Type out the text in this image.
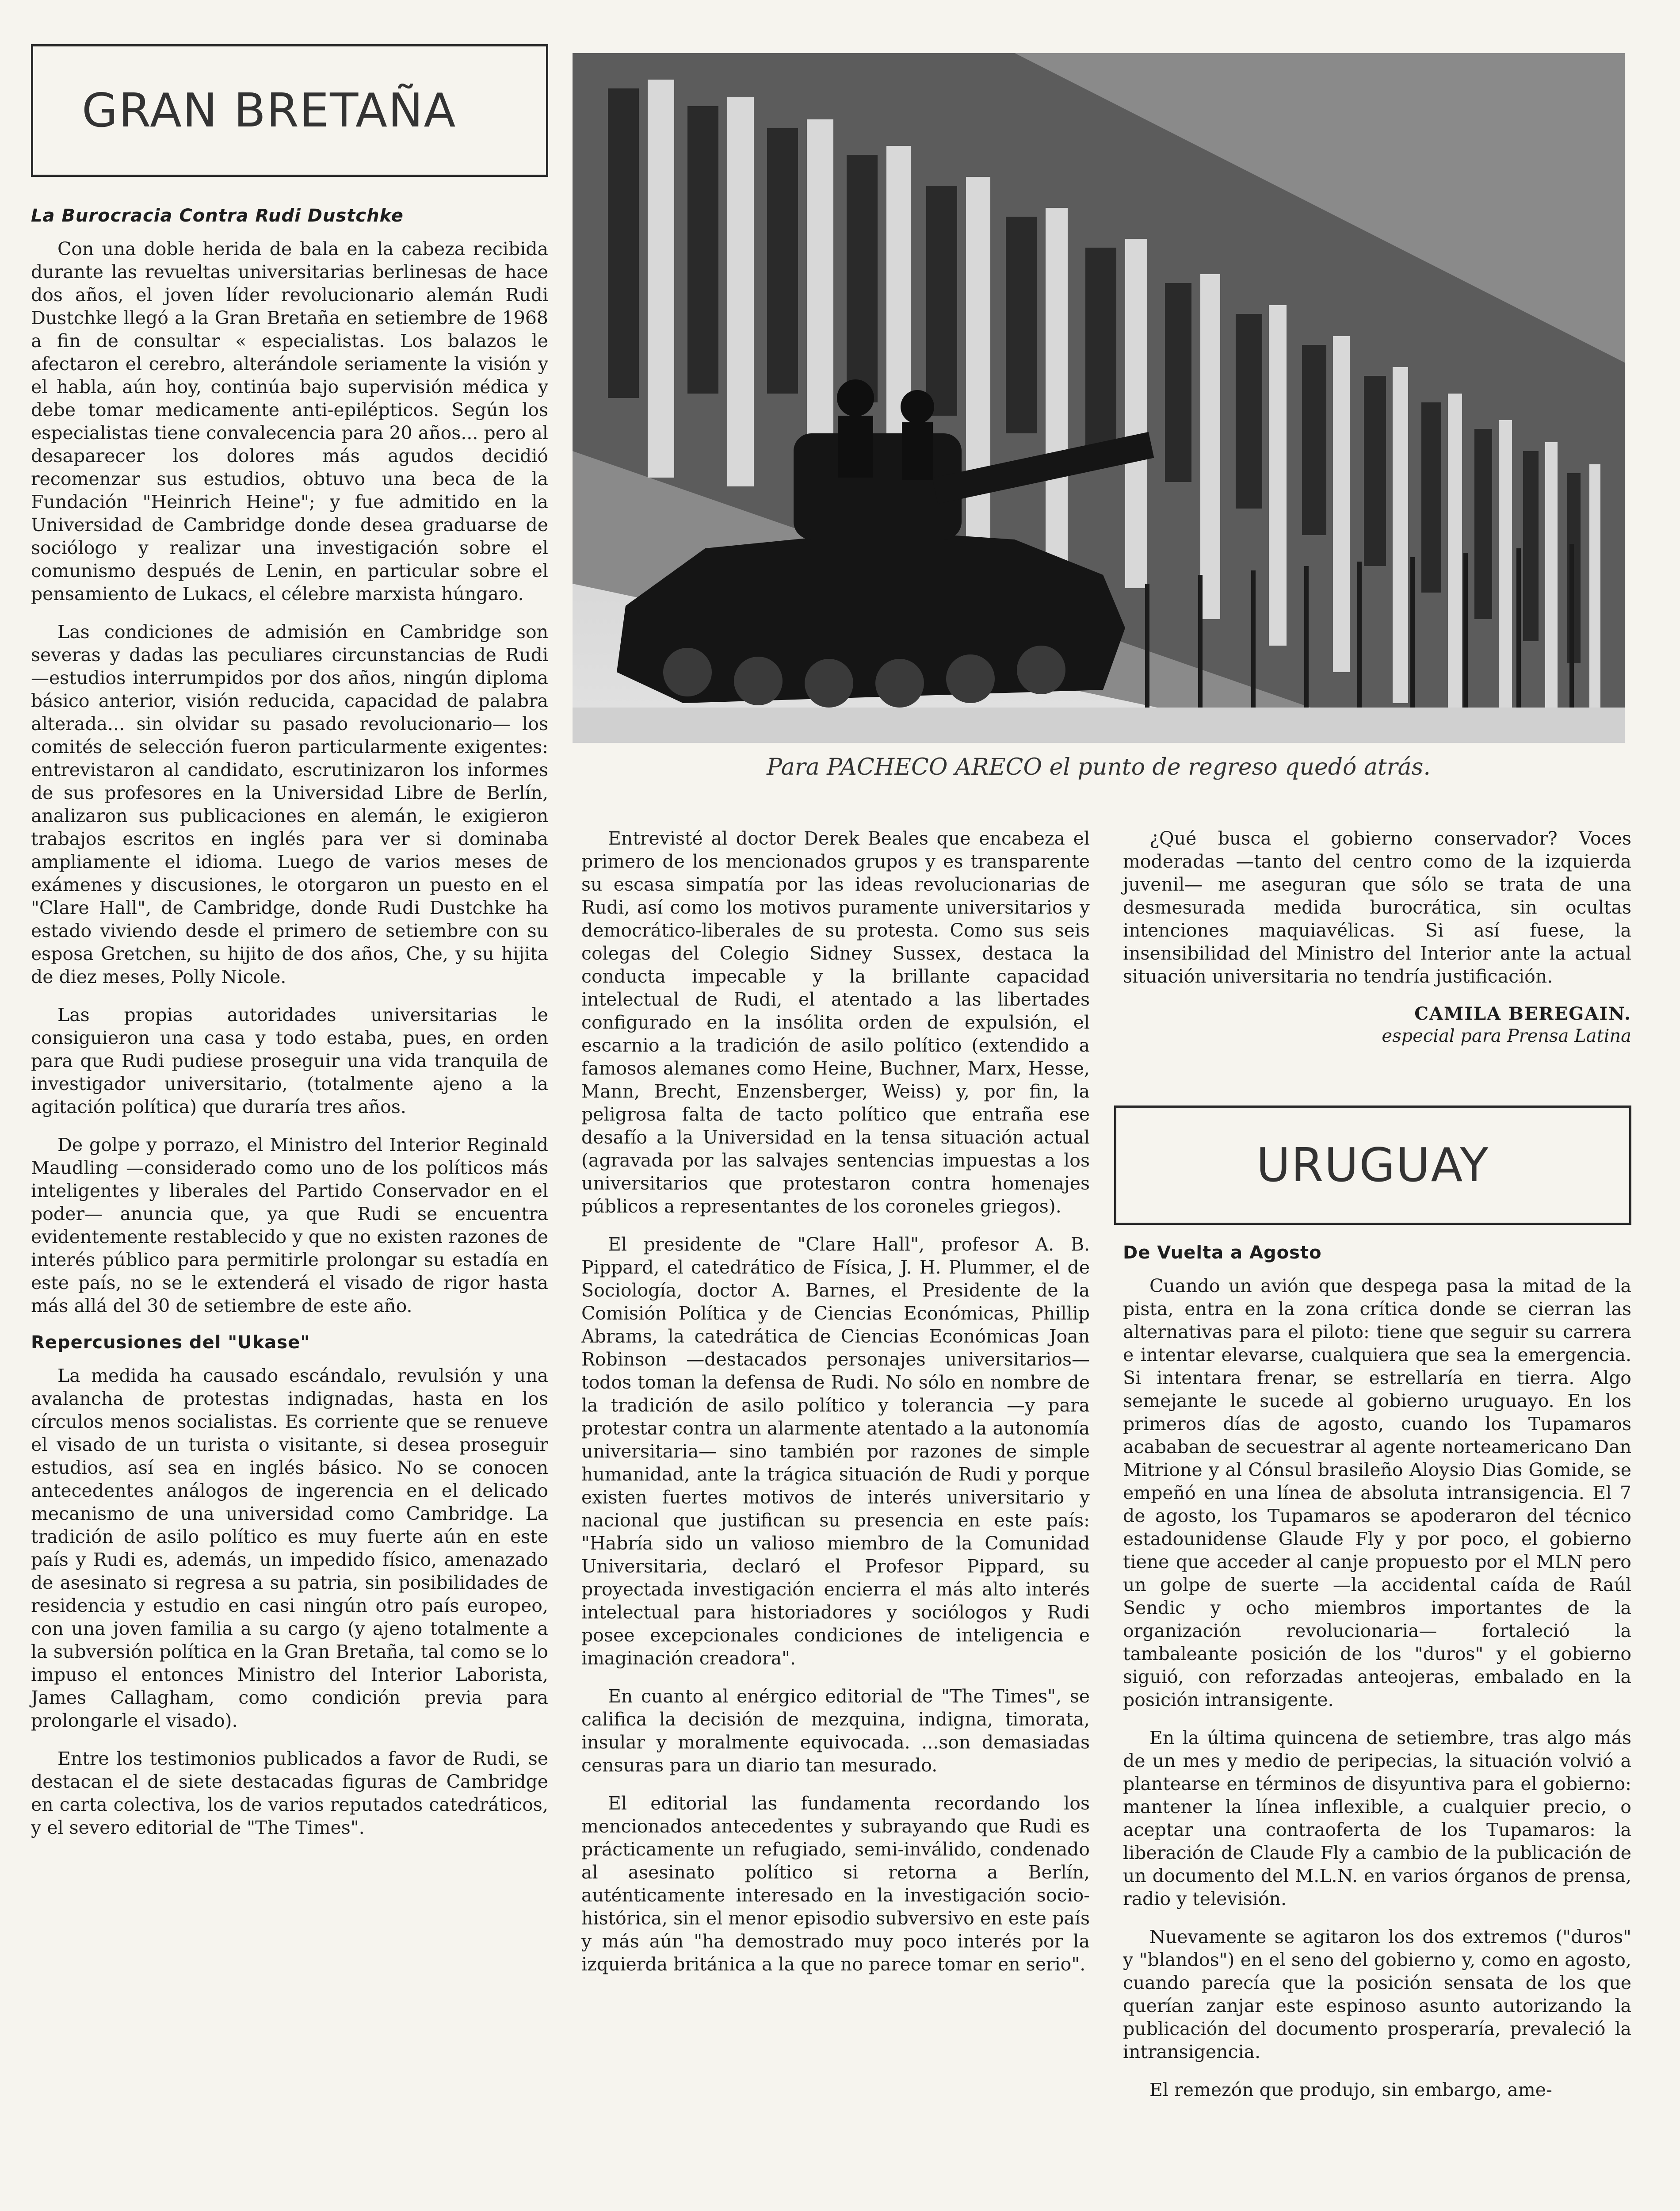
GRAN BRETAÑA
La Burocracia Contra Rudi Dustchke

Con una doble herida de bala en la cabeza recibida durante las revueltas universitarias berlinesas de hace dos años, el joven líder revolucionario alemán Rudi Dustchke llegó a la Gran Bretaña en setiembre de 1968 a fin de consultar « especialistas. Los balazos le afectaron el cerebro, alterándole seriamente la visión y el habla, aún hoy, continúa bajo supervisión médica y debe tomar medicamente anti-epilépticos. Según los especialistas tiene convalecencia para 20 años... pero al desaparecer los dolores más agudos decidió recomenzar sus estudios, obtuvo una beca de la Fundación "Heinrich Heine"; y fue admitido en la Universidad de Cambridge donde desea graduarse de sociólogo y realizar una investigación sobre el comunismo después de Lenin, en particular sobre el pensamiento de Lukacs, el célebre marxista húngaro.

Las condiciones de admisión en Cambridge son severas y dadas las peculiares circunstancias de Rudi —estudios interrumpidos por dos años, ningún diploma básico anterior, visión reducida, capacidad de palabra alterada... sin olvidar su pasado revolucionario— los comités de selección fueron particularmente exigentes: entrevistaron al candidato, escrutinizaron los informes de sus profesores en la Universidad Libre de Berlín, analizaron sus publicaciones en alemán, le exigieron trabajos escritos en inglés para ver si dominaba ampliamente el idioma. Luego de varios meses de exámenes y discusiones, le otorgaron un puesto en el "Clare Hall", de Cambridge, donde Rudi Dustchke ha estado viviendo desde el primero de setiembre con su esposa Gretchen, su hijito de dos años, Che, y su hijita de diez meses, Polly Nicole.

Las propias autoridades universitarias le consiguieron una casa y todo estaba, pues, en orden para que Rudi pudiese proseguir una vida tranquila de investigador universitario, (totalmente ajeno a la agitación política) que duraría tres años.

De golpe y porrazo, el Ministro del Interior Reginald Maudling —considerado como uno de los políticos más inteligentes y liberales del Partido Conservador en el poder— anuncia que, ya que Rudi se encuentra evidentemente restablecido y que no existen razones de interés público para permitirle prolongar su estadía en este país, no se le extenderá el visado de rigor hasta más allá del 30 de setiembre de este año.

Repercusiones del "Ukase"

La medida ha causado escándalo, revulsión y una avalancha de protestas indignadas, hasta en los círculos menos socialistas. Es corriente que se renueve el visado de un turista o visitante, si desea proseguir estudios, así sea en inglés básico. No se conocen antecedentes análogos de ingerencia en el delicado mecanismo de una universidad como Cambridge. La tradición de asilo político es muy fuerte aún en este país y Rudi es, además, un impedido físico, amenazado de asesinato si regresa a su patria, sin posibilidades de residencia y estudio en casi ningún otro país europeo, con una joven familia a su cargo (y ajeno totalmente a la subversión política en la Gran Bretaña, tal como se lo impuso el entonces Ministro del Interior Laborista, James Callagham, como condición previa para prolongarle el visado).

Entre los testimonios publicados a favor de Rudi, se destacan el de siete destacadas figuras de Cambridge en carta colectiva, los de varios reputados catedráticos, y el severo editorial de "The Times".

Para PACHECO ARECO el punto de regreso quedó atrás.

Entrevisté al doctor Derek Beales que encabeza el primero de los mencionados grupos y es transparente su escasa simpatía por las ideas revolucionarias de Rudi, así como los motivos puramente universitarios y democrático-liberales de su protesta. Como sus seis colegas del Colegio Sidney Sussex, destaca la conducta impecable y la brillante capacidad intelectual de Rudi, el atentado a las libertades configurado en la insólita orden de expulsión, el escarnio a la tradición de asilo político (extendido a famosos alemanes como Heine, Buchner, Marx, Hesse, Mann, Brecht, Enzensberger, Weiss) y, por fin, la peligrosa falta de tacto político que entraña ese desafío a la Universidad en la tensa situación actual (agravada por las salvajes sentencias impuestas a los universitarios que protestaron contra homenajes públicos a representantes de los coroneles griegos).

El presidente de "Clare Hall", profesor A. B. Pippard, el catedrático de Física, J. H. Plummer, el de Sociología, doctor A. Barnes, el Presidente de la Comisión Política y de Ciencias Económicas, Phillip Abrams, la catedrática de Ciencias Económicas Joan Robinson —destacados personajes universitarios— todos toman la defensa de Rudi. No sólo en nombre de la tradición de asilo político y tolerancia —y para protestar contra un alarmente atentado a la autonomía universitaria— sino también por razones de simple humanidad, ante la trágica situación de Rudi y porque existen fuertes motivos de interés universitario y nacional que justifican su presencia en este país: "Habría sido un valioso miembro de la Comunidad Universitaria, declaró el Profesor Pippard, su proyectada investigación encierra el más alto interés intelectual para historiadores y sociólogos y Rudi posee excepcionales condiciones de inteligencia e imaginación creadora".

En cuanto al enérgico editorial de "The Times", se califica la decisión de mezquina, indigna, timorata, insular y moralmente equivocada. ...son demasiadas censuras para un diario tan mesurado.

El editorial las fundamenta recordando los mencionados antecedentes y subrayando que Rudi es prácticamente un refugiado, semi-inválido, condenado al asesinato político si retorna a Berlín, auténticamente interesado en la investigación socio-histórica, sin el menor episodio subversivo en este país y más aún "ha demostrado muy poco interés por la izquierda británica a la que no parece tomar en serio".

¿Qué busca el gobierno conservador? Voces moderadas —tanto del centro como de la izquierda juvenil— me aseguran que sólo se trata de una desmesurada medida burocrática, sin ocultas intenciones maquiavélicas. Si así fuese, la insensibilidad del Ministro del Interior ante la actual situación universitaria no tendría justificación.

CAMILA BEREGAIN.
especial para Prensa Latina
URUGUAY
De Vuelta a Agosto

Cuando un avión que despega pasa la mitad de la pista, entra en la zona crítica donde se cierran las alternativas para el piloto: tiene que seguir su carrera e intentar elevarse, cualquiera que sea la emergencia. Si intentara frenar, se estrellaría en tierra. Algo semejante le sucede al gobierno uruguayo. En los primeros días de agosto, cuando los Tupamaros acababan de secuestrar al agente norteamericano Dan Mitrione y al Cónsul brasileño Aloysio Dias Gomide, se empeñó en una línea de absoluta intransigencia. El 7 de agosto, los Tupamaros se apoderaron del técnico estadounidense Glaude Fly y por poco, el gobierno tiene que acceder al canje propuesto por el MLN pero un golpe de suerte —la accidental caída de Raúl Sendic y ocho miembros importantes de la organización revolucionaria— fortaleció la tambaleante posición de los "duros" y el gobierno siguió, con reforzadas anteojeras, embalado en la posición intransigente.

En la última quincena de setiembre, tras algo más de un mes y medio de peripecias, la situación volvió a plantearse en términos de disyuntiva para el gobierno: mantener la línea inflexible, a cualquier precio, o aceptar una contraoferta de los Tupamaros: la liberación de Claude Fly a cambio de la publicación de un documento del M.L.N. en varios órganos de prensa, radio y televisión.

Nuevamente se agitaron los dos extremos ("duros" y "blandos") en el seno del gobierno y, como en agosto, cuando parecía que la posición sensata de los que querían zanjar este espinoso asunto autorizando la publicación del documento prosperaría, prevaleció la intransigencia.

El remezón que produjo, sin embargo, ame-
